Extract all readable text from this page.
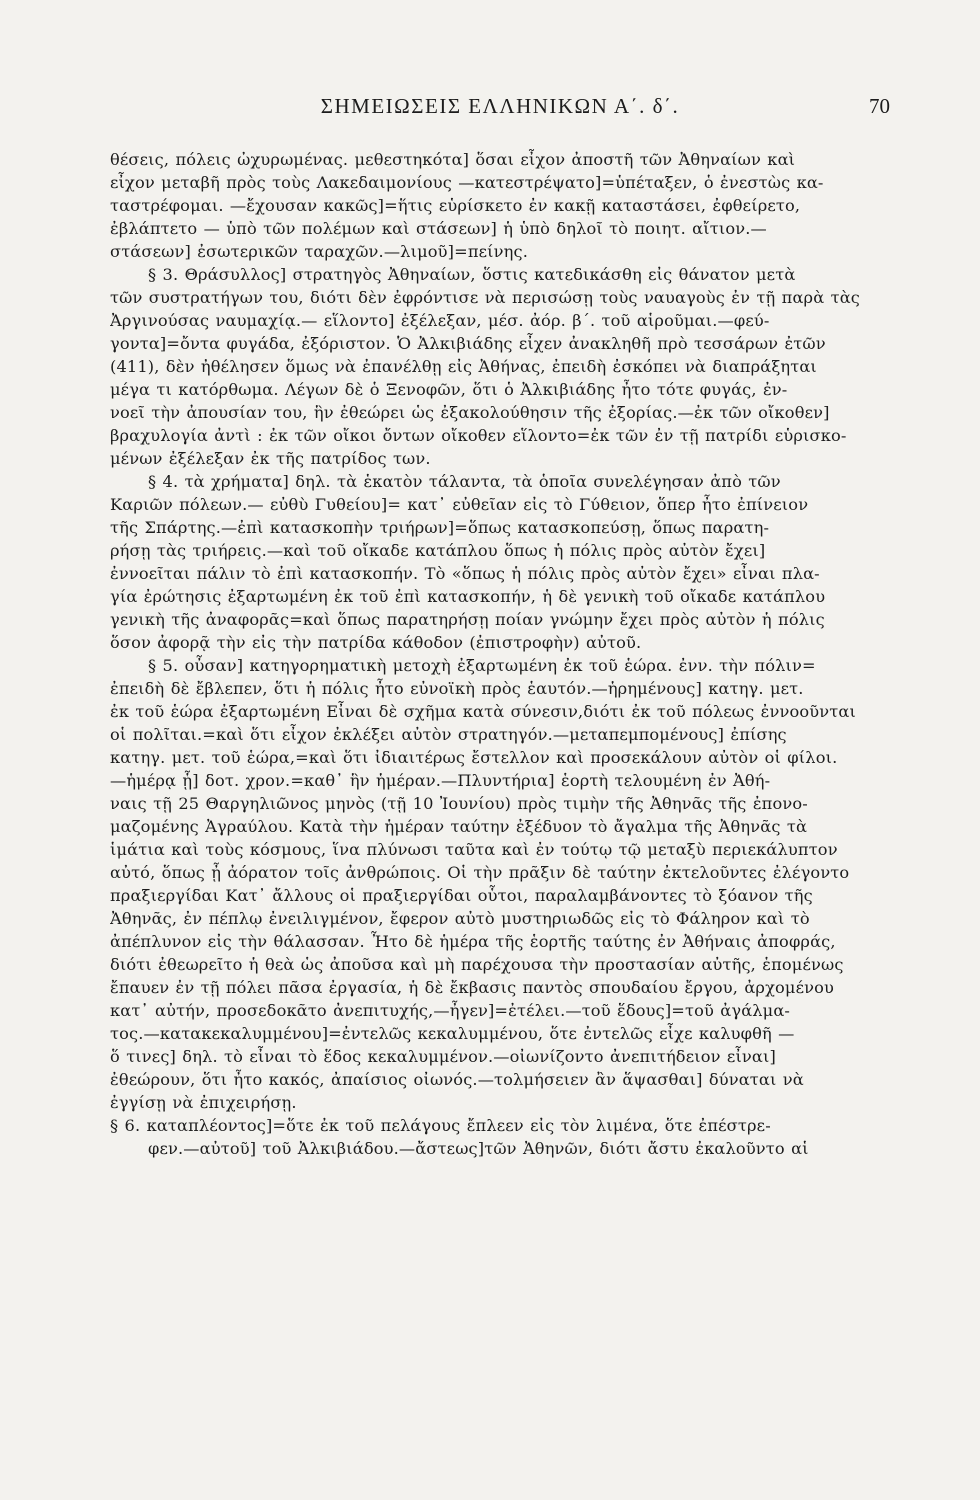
ΣΗΜΕΙΩΣΕΙΣ ΕΛΛΗΝΙΚΩΝ Α΄. δ΄.	70
θέσεις, πόλεις ὠχυρωμένας. μεθεστηκότα] ὅσαι εἶχον ἀποστῆ τῶν Ἀθηναίων καὶ
εἶχον μεταβῆ πρὸς τοὺς Λακεδαιμονίους —κατεστρέψατο]=ὑπέταξεν, ὁ ἐνεστὼς κα-
ταστρέφομαι. —ἔχουσαν κακῶς]=ἥτις εὑρίσκετο ἐν κακῇ καταστάσει, ἐφθείρετο,
ἐβλάπτετο — ὑπὸ τῶν πολέμων καὶ στάσεων] ἡ ὑπὸ δηλοῖ τὸ ποιητ. αἴτιον.—
στάσεων] ἐσωτερικῶν ταραχῶν.—λιμοῦ]=πείνης.
§ 3. Θράσυλλος] στρατηγὸς Ἀθηναίων, ὅστις κατεδικάσθη εἰς θάνατον μετὰ
τῶν συστρατήγων του, διότι δὲν ἐφρόντισε νὰ περισώσῃ τοὺς ναυαγοὺς ἐν τῇ παρὰ τὰς
Ἀργινούσας ναυμαχίᾳ.— εἵλοντο] ἐξέλεξαν, μέσ. ἀόρ. β΄. τοῦ αἱροῦμαι.—φεύ-
γοντα]=ὄντα φυγάδα, ἐξόριστον. Ὁ Ἀλκιβιάδης εἶχεν ἀνακληθῆ πρὸ τεσσάρων ἐτῶν
(411), δὲν ἠθέλησεν ὅμως νὰ ἐπανέλθῃ εἰς Ἀθήνας, ἐπειδὴ ἐσκόπει νὰ διαπράξηται
μέγα τι κατόρθωμα. Λέγων δὲ ὁ Ξενοφῶν, ὅτι ὁ Ἀλκιβιάδης ἦτο τότε φυγάς, ἐν-
νοεῖ τὴν ἀπουσίαν του, ἣν ἐθεώρει ὡς ἐξακολούθησιν τῆς ἐξορίας.—ἐκ τῶν οἴκοθεν]
βραχυλογία ἀντὶ : ἐκ τῶν οἴκοι ὄντων οἴκοθεν εἵλοντο=ἐκ τῶν ἐν τῇ πατρίδι εὑρισκο-
μένων ἐξέλεξαν ἐκ τῆς πατρίδος των.
§ 4. τὰ χρήματα] δηλ. τὰ ἑκατὸν τάλαντα, τὰ ὁποῖα συνελέγησαν ἀπὸ τῶν
Καριῶν πόλεων.— εὐθὺ Γυθείου]= κατ᾽ εὐθεῖαν εἰς τὸ Γύθειον, ὅπερ ἦτο ἐπίνειον
τῆς Σπάρτης.—ἐπὶ κατασκοπὴν τριήρων]=ὅπως κατασκοπεύσῃ, ὅπως παρατη-
ρήσῃ τὰς τριήρεις.—καὶ τοῦ οἴκαδε κατάπλου ὅπως ἡ πόλις πρὸς αὐτὸν ἔχει]
ἐννοεῖται πάλιν τὸ ἐπὶ κατασκοπήν. Τὸ «ὅπως ἡ πόλις πρὸς αὐτὸν ἔχει» εἶναι πλα-
γία ἐρώτησις ἐξαρτωμένη ἐκ τοῦ ἐπὶ κατασκοπήν, ἡ δὲ γενικὴ τοῦ οἴκαδε κατάπλου
γενικὴ τῆς ἀναφορᾶς=καὶ ὅπως παρατηρήσῃ ποίαν γνώμην ἔχει πρὸς αὐτὸν ἡ πόλις
ὅσον ἀφορᾷ τὴν εἰς τὴν πατρίδα κάθοδον (ἐπιστροφὴν) αὐτοῦ.
§ 5. οὖσαν] κατηγορηματικὴ μετοχὴ ἐξαρτωμένη ἐκ τοῦ ἑώρα. ἐνν. τὴν πόλιν=
ἐπειδὴ δὲ ἔβλεπεν, ὅτι ἡ πόλις ἦτο εὐνοϊκὴ πρὸς ἑαυτόν.—ἡρημένους] κατηγ. μετ.
ἐκ τοῦ ἑώρα ἐξαρτωμένη Εἶναι δὲ σχῆμα κατὰ σύνεσιν,διότι ἐκ τοῦ πόλεως ἐννοοῦνται
οἱ πολῖται.=καὶ ὅτι εἶχον ἐκλέξει αὐτὸν στρατηγόν.—μεταπεμπομένους] ἐπίσης
κατηγ. μετ. τοῦ ἑώρα,=καὶ ὅτι ἰδιαιτέρως ἔστελλον καὶ προσεκάλουν αὐτὸν οἱ φίλοι.
—ἡμέρᾳ ᾗ] δοτ. χρον.=καθ᾽ ἣν ἡμέραν.—Πλυντήρια] ἑορτὴ τελουμένη ἐν Ἀθή-
ναις τῇ 25 Θαργηλιῶνος μηνὸς (τῇ 10 Ἰουνίου) πρὸς τιμὴν τῆς Ἀθηνᾶς τῆς ἐπονο-
μαζομένης Ἀγραύλου. Κατὰ τὴν ἡμέραν ταύτην ἐξέδυον τὸ ἄγαλμα τῆς Ἀθηνᾶς τὰ
ἱμάτια καὶ τοὺς κόσμους, ἵνα πλύνωσι ταῦτα καὶ ἐν τούτῳ τῷ μεταξὺ περιεκάλυπτον
αὐτό, ὅπως ᾖ ἀόρατον τοῖς ἀνθρώποις. Οἱ τὴν πρᾶξιν δὲ ταύτην ἐκτελοῦντες ἐλέγοντο
πραξιεργίδαι Κατ᾽ ἄλλους οἱ πραξιεργίδαι οὗτοι, παραλαμβάνοντες τὸ ξόανον τῆς
Ἀθηνᾶς, ἐν πέπλῳ ἐνειλιγμένον, ἔφερον αὐτὸ μυστηριωδῶς εἰς τὸ Φάληρον καὶ τὸ
ἀπέπλυνον εἰς τὴν θάλασσαν. Ἦτο δὲ ἡμέρα τῆς ἑορτῆς ταύτης ἐν Ἀθήναις ἀποφράς,
διότι ἐθεωρεῖτο ἡ θεὰ ὡς ἀποῦσα καὶ μὴ παρέχουσα τὴν προστασίαν αὐτῆς, ἑπομένως
ἔπαυεν ἐν τῇ πόλει πᾶσα ἐργασία, ἡ δὲ ἔκβασις παντὸς σπουδαίου ἔργου, ἀρχομένου
κατ᾽ αὐτήν, προσεδοκᾶτο ἀνεπιτυχής,—ἦγεν]=ἐτέλει.—τοῦ ἕδους]=τοῦ ἀγάλμα-
τος.—κατακεκαλυμμένου]=ἐντελῶς κεκαλυμμένου, ὅτε ἐντελῶς εἶχε καλυφθῆ —
ὅ τινες] δηλ. τὸ εἶναι τὸ ἕδος κεκαλυμμένον.—οἰωνίζοντο ἀνεπιτήδειον εἶναι]
ἐθεώρουν, ὅτι ἦτο κακός, ἀπαίσιος οἰωνός.—τολμήσειεν ἂν ἅψασθαι] δύναται νὰ
ἐγγίσῃ νὰ ἐπιχειρήσῃ.
§ 6. καταπλέοντος]=ὅτε ἐκ τοῦ πελάγους ἔπλεεν εἰς τὸν λιμένα, ὅτε ἐπέστρε-
φεν.—αὐτοῦ] τοῦ Ἀλκιβιάδου.—ἄστεως]τῶν Ἀθηνῶν, διότι ἄστυ ἐκαλοῦντο αἱ
